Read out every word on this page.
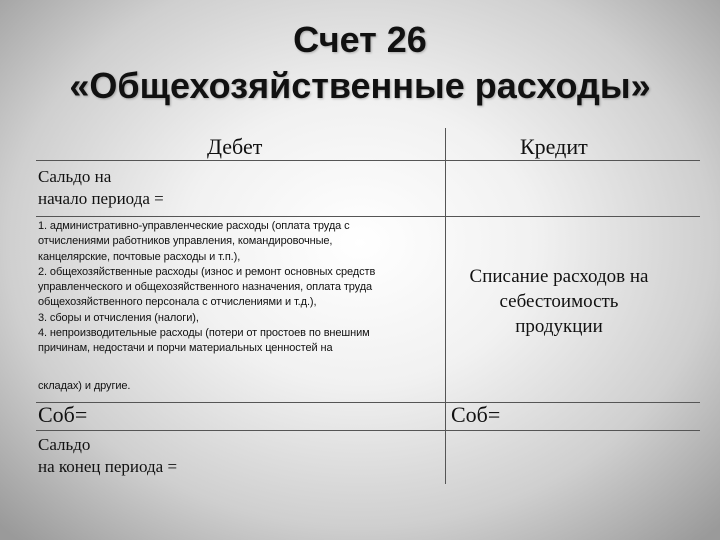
Счет 26
«Общехозяйственные расходы»
Дебет	Кредит
Сальдо на
начало периода =
1. административно-управленческие расходы (оплата труда с
отчислениями работников управления, командировочные,
канцелярские, почтовые расходы и т.п.),
2. общехозяйственные расходы (износ и ремонт основных средств
управленческого и общехозяйственного назначения, оплата труда
общехозяйственного персонала с отчислениями и т.д.),
3. сборы и отчисления (налоги),
4. непроизводительные расходы (потери от простоев по внешним
причинам, недостачи и порчи материальных ценностей на
складах) и другие.
Списание расходов на
себестоимость
продукции
Соб=	Соб=
Сальдо
на конец периода =
